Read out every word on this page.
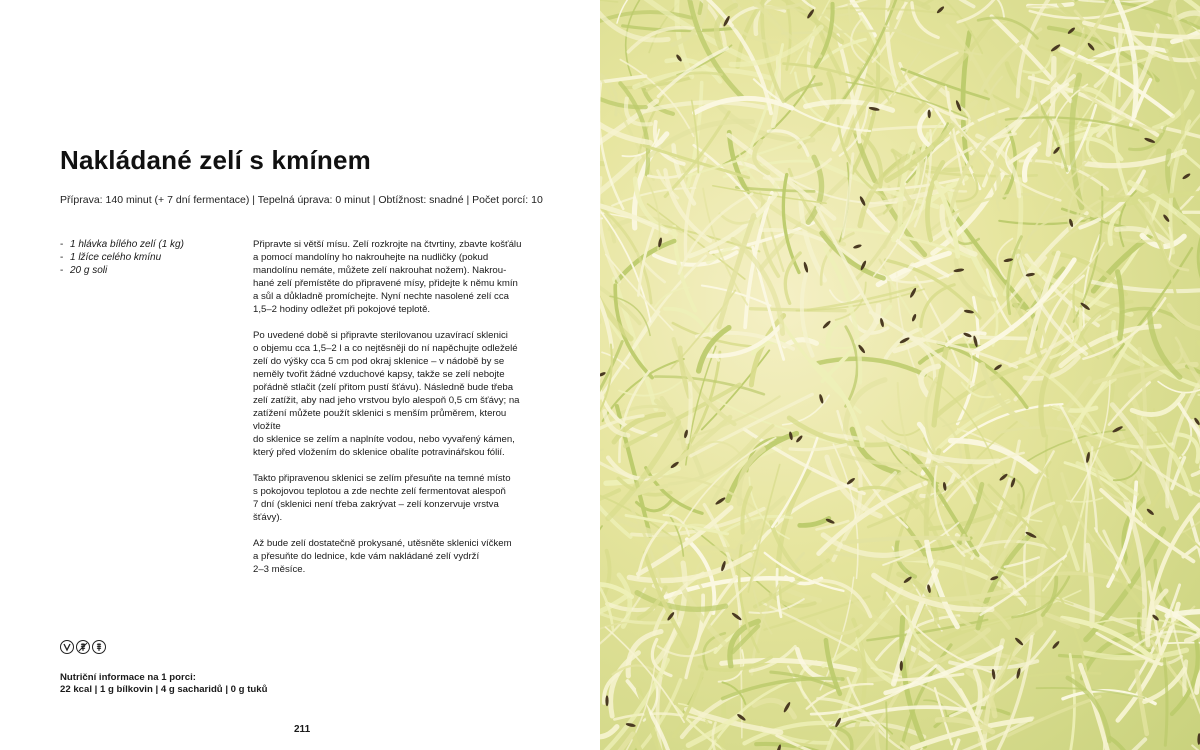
Nakládané zelí s kmínem
Příprava: 140 minut (+ 7 dní fermentace) | Tepelná úprava: 0 minut | Obtížnost: snadné | Počet porcí: 10
- 1 hlávka bílého zelí (1 kg)
- 1 lžíce celého kmínu
- 20 g soli

Připravte si větší mísu. Zelí rozkrojte na čtvrtiny, zbavte košťálu
a pomocí mandolíny ho nakrouhejte na nudličky (pokud
mandolínu nemáte, můžete zelí nakrouhat nožem). Nakrou-
hané zelí přemístěte do připravené mísy, přidejte k němu kmín
a sůl a důkladně promíchejte. Nyní nechte nasolené zelí cca
1,5–2 hodiny odležet při pokojové teplotě.

Po uvedené době si připravte sterilovanou uzavírací sklenici
o objemu cca 1,5–2 l a co nejtěsněji do ní napěchujte odleželé
zelí do výšky cca 5 cm pod okraj sklenice – v nádobě by se
neměly tvořit žádné vzduchové kapsy, takže se zelí nebojte
pořádně stlačit (zelí přitom pustí šťávu). Následně bude třeba
zelí zatížit, aby nad jeho vrstvou bylo alespoň 0,5 cm šťávy; na
zatížení můžete použít sklenici s menším průměrem, kterou vložíte
do sklenice se zelím a naplníte vodou, nebo vyvařený kámen,
který před vložením do sklenice obalíte potravinářskou fólií.

Takto připravenou sklenici se zelím přesuňte na temné místo
s pokojovou teplotou a zde nechte zelí fermentovat alespoň
7 dní (sklenici není třeba zakrývat – zelí konzervuje vrstva
šťávy).

Až bude zelí dostatečně prokysané, utěsněte sklenici víčkem
a přesuňte do lednice, kde vám nakládané zelí vydrží
2–3 měsíce.

Nutriční informace na 1 porci:
22 kcal | 1 g bílkovin | 4 g sacharidů | 0 g tuků
211
